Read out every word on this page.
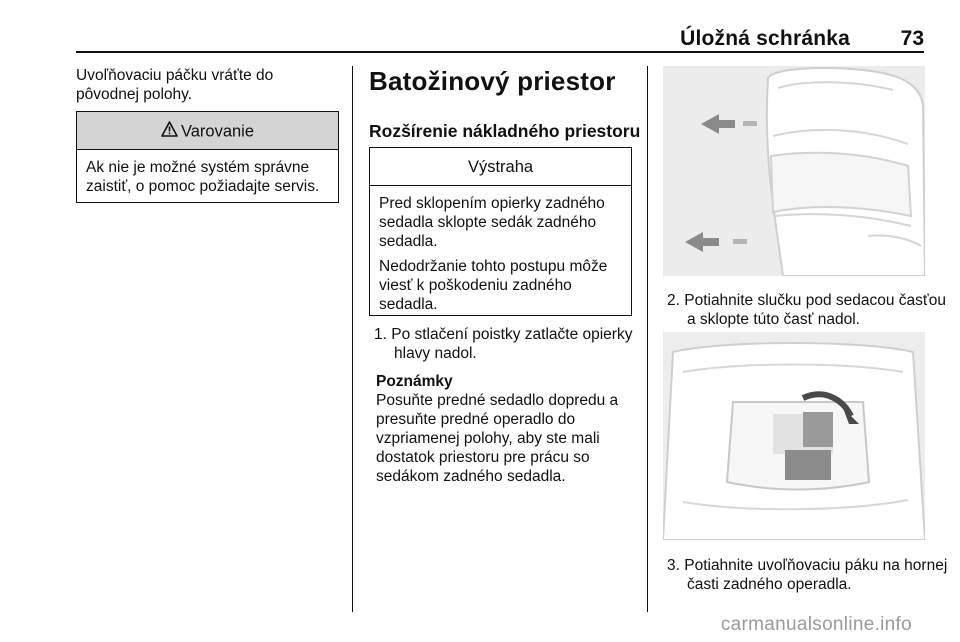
Úložná schránka 73
Uvoľňovaciu páčku vráťte do
pôvodnej polohy.
Varovanie
Ak nie je možné systém správne zaistiť, o pomoc požiadajte servis.
Batožinový priestor
Rozšírenie nákladného priestoru
Výstraha

Pred sklopením opierky zadného sedadla sklopte sedák zadného sedadla.

Nedodržanie tohto postupu môže viesť k poškodeniu zadného sedadla.

1. Po stlačení poistky zatlačte opierky hlavy nadol.
Poznámky
Posuňte predné sedadlo dopredu a presuňte predné operadlo do vzpriamenej polohy, aby ste mali dostatok priestoru pre prácu so sedákom zadného sedadla.
2. Potiahnite slučku pod sedacou časťou a sklopte túto časť nadol.
3. Potiahnite uvoľňovaciu páku na hornej časti zadného operadla.
carmanualsonline.info
